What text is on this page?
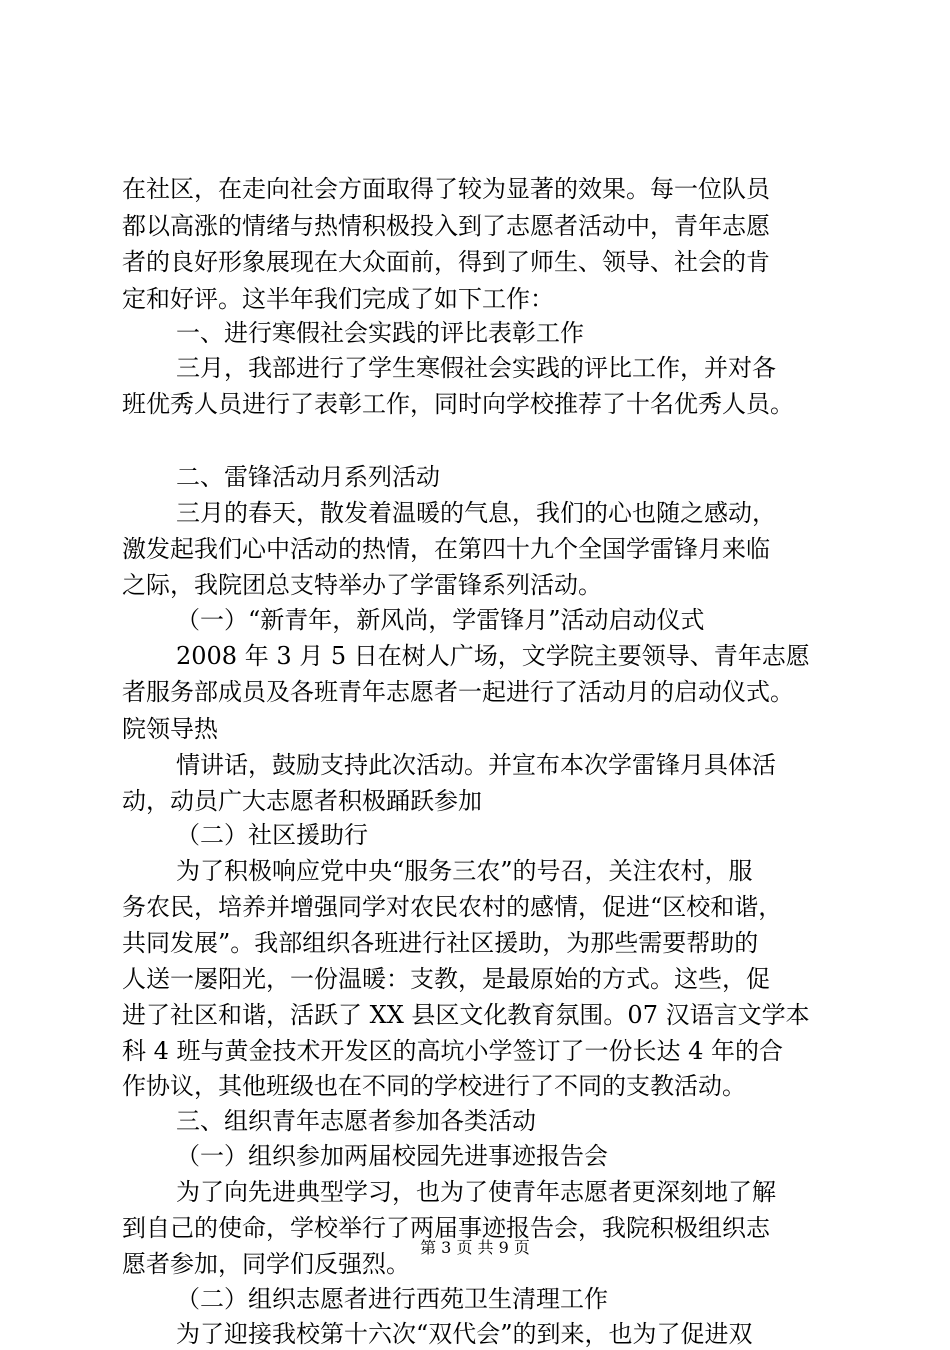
在社区，在走向社会方面取得了较为显著的效果。每一位队员
都以高涨的情绪与热情积极投入到了志愿者活动中，青年志愿
者的良好形象展现在大众面前，得到了师生、领导、社会的肯
定和好评。这半年我们完成了如下工作：
一、进行寒假社会实践的评比表彰工作
三月，我部进行了学生寒假社会实践的评比工作，并对各
班优秀人员进行了表彰工作，同时向学校推荐了十名优秀人员。
二、雷锋活动月系列活动
三月的春天，散发着温暖的气息，我们的心也随之感动，
激发起我们心中活动的热情，在第四十九个全国学雷锋月来临
之际，我院团总支特举办了学雷锋系列活动。
（一）“新青年，新风尚，学雷锋月”活动启动仪式
2008 年 3 月 5 日在树人广场，文学院主要领导、青年志愿
者服务部成员及各班青年志愿者一起进行了活动月的启动仪式。
院领导热
情讲话，鼓励支持此次活动。并宣布本次学雷锋月具体活
动，动员广大志愿者积极踊跃参加
（二）社区援助行
为了积极响应党中央“服务三农”的号召，关注农村，服
务农民，培养并增强同学对农民农村的感情，促进“区校和谐，
共同发展”。我部组织各班进行社区援助，为那些需要帮助的
人送一屡阳光，一份温暖：支教，是最原始的方式。这些，促
进了社区和谐，活跃了 XX 县区文化教育氛围。07 汉语言文学本
科 4 班与黄金技术开发区的高坑小学签订了一份长达 4 年的合
作协议，其他班级也在不同的学校进行了不同的支教活动。
三、组织青年志愿者参加各类活动
（一）组织参加两届校园先进事迹报告会
为了向先进典型学习，也为了使青年志愿者更深刻地了解
到自己的使命，学校举行了两届事迹报告会，我院积极组织志
愿者参加，同学们反强烈。
（二）组织志愿者进行西苑卫生清理工作
为了迎接我校第十六次“双代会”的到来，也为了促进双
第 3 页 共 9 页
